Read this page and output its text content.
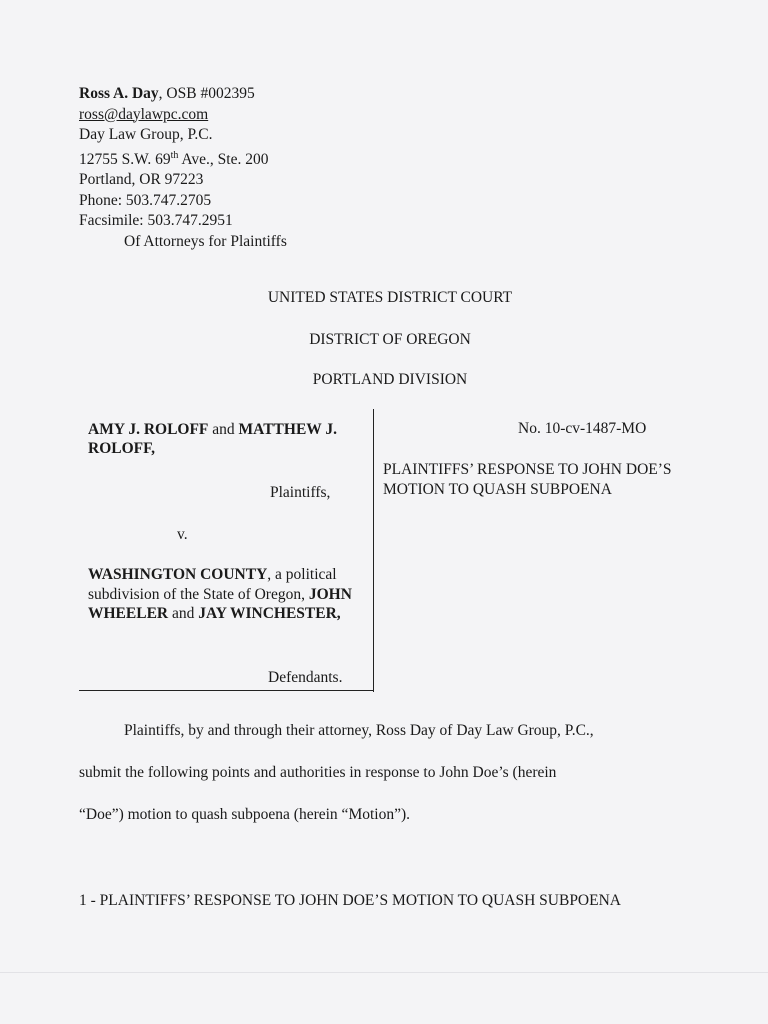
Ross A. Day, OSB #002395
ross@daylawpc.com
Day Law Group, P.C.
12755 S.W. 69th Ave., Ste. 200
Portland, OR 97223
Phone: 503.747.2705
Facsimile: 503.747.2951
Of Attorneys for Plaintiffs
UNITED STATES DISTRICT COURT
DISTRICT OF OREGON
PORTLAND DIVISION
AMY J. ROLOFF and MATTHEW J. ROLOFF,
Plaintiffs,
v.
WASHINGTON COUNTY, a political subdivision of the State of Oregon, JOHN WHEELER and JAY WINCHESTER,
Defendants.
No. 10-cv-1487-MO
PLAINTIFFS’ RESPONSE TO JOHN DOE’S MOTION TO QUASH SUBPOENA
Plaintiffs, by and through their attorney, Ross Day of Day Law Group, P.C.,
submit the following points and authorities in response to John Doe’s (herein
“Doe”) motion to quash subpoena (herein “Motion”).
1 - PLAINTIFFS’ RESPONSE TO JOHN DOE’S MOTION TO QUASH SUBPOENA
